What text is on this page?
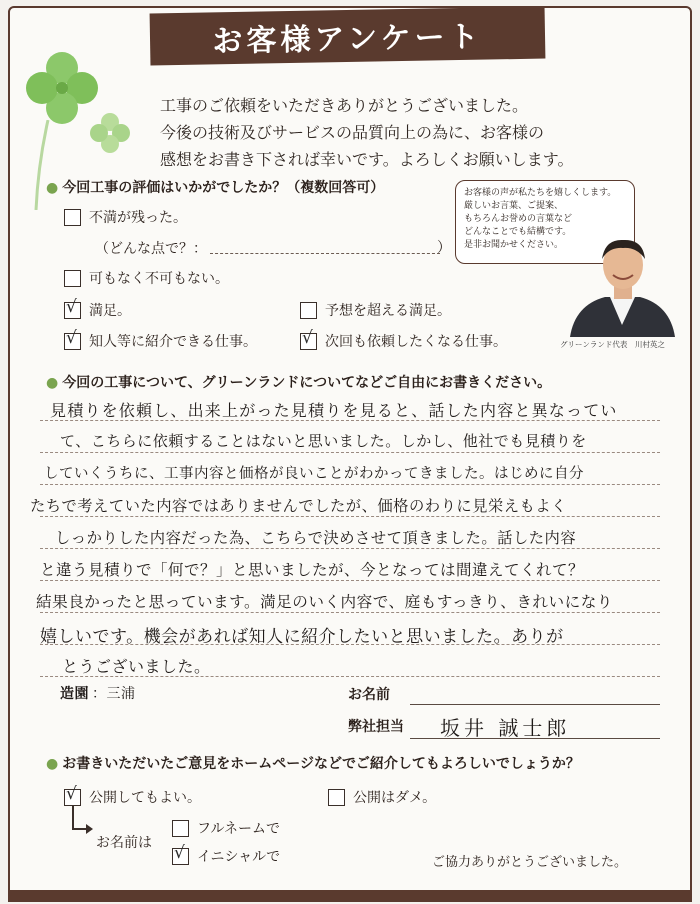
お客様アンケート
工事のご依頼をいただきありがとうございました。
今後の技術及びサービスの品質向上の為に、お客様の
感想をお書き下されば幸いです。よろしくお願いします。
● 今回工事の評価はいかがでしたか？（複数回答可）
不満が残った。
（どんな点で？：	）
可もなく不可もない。
√ 満足。	予想を超える満足。
√ 知人等に紹介できる仕事。	√ 次回も依頼したくなる仕事。
お客様の声が私たちを嬉しくします。
厳しいお言葉、ご提案、
もちろんお誉めの言葉など
どんなことでも結構です。
是非お聞かせください。
グリーンランド代表　川村英之
● 今回の工事について、グリーンランドについてなどご自由にお書きください。
見積りを依頼し、出来上がった見積りを見ると、話した内容と異なってい
て、こちらに依頼することはないと思いました。しかし、他社でも見積りを
していくうちに、工事内容と価格が良いことがわかってきました。はじめに自分
たちで考えていた内容ではありませんでしたが、価格のわりに見栄えもよく
しっかりした内容だった為、こちらで決めさせて頂きました。話した内容
と違う見積りで「何で？」と思いましたが、今となっては間違えてくれて？
結果良かったと思っています。満足のいく内容で、庭もすっきり、きれいになり
嬉しいです。機会があれば知人に紹介したいと思いました。ありが
とうございました。
造園 ：三浦	お名前
弊社担当 坂井 誠士郎
● お書きいただいたご意見をホームページなどでご紹介してもよろしいでしょうか？
√ 公開してもよい。	公開はダメ。
お名前は
フルネームで
√ イニシャルで	ご協力ありがとうございました。
